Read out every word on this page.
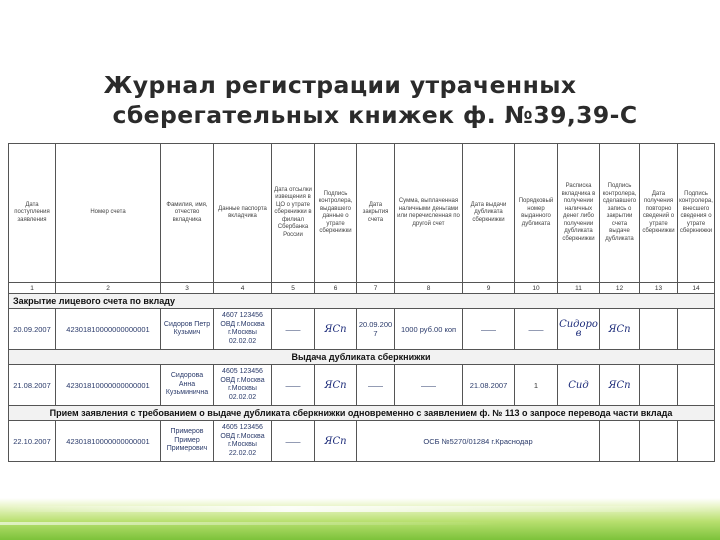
Журнал регистрации утраченных
сберегательных книжек ф. №39,39-С
Дата поступления заявления	Номер счета	Фамилия, имя, отчество вкладчика	Данные паспорта вкладчика	Дата отсылки извещения в ЦО о утрате сберкнижки в филиал Сбербанка России	Подпись контролера, выдавшего данные о утрате сберкнижки	Дата закрытия счета	Сумма, выплаченная наличными деньгами или перечисленная по другой счет	Дата выдачи дубликата сберкнижки	Порядковый номер выданного дубликата	Расписка вкладчика в получении наличных денег либо получении дубликата сберкнижки	Подпись контролера, сделавшего запись о закрытии счета выдаче дубликата	Дата получения повторно сведений о утрате сберкнижки	Подпись контролера, внесшего сведения о утрате сберкнижки
1	2	3	4	5	6	7	8	9	10	11	12	13	14
Закрытие лицевого счета по вкладу													
20.09.2007	42301810000000000001	Сидоров Петр Кузьмич	4607 123456 ОВД г.Москва г.Москвы 02.02.02	——	ЯСп	20.09.2007	1000 руб.00 коп	——	——	Сидоров	ЯСп		
Выдача дубликата сберкнижки													
21.08.2007	42301810000000000001	Сидорова Анна Кузьминична	4605 123456 ОВД г.Москва г.Москвы 02.02.02	——	ЯСп	——	——	21.08.2007	1	Сид	ЯСп		
Прием заявления с требованием о выдаче дубликата сберкнижки одновременно с заявлением ф. № 113 о запросе перевода части вклада													
22.10.2007	42301810000000000001	Примеров Пример Примерович	4605 123456 ОВД г.Москва г.Москвы 22.02.02	——	ЯСп	ОСБ №5270/01284 г.Краснодар							
